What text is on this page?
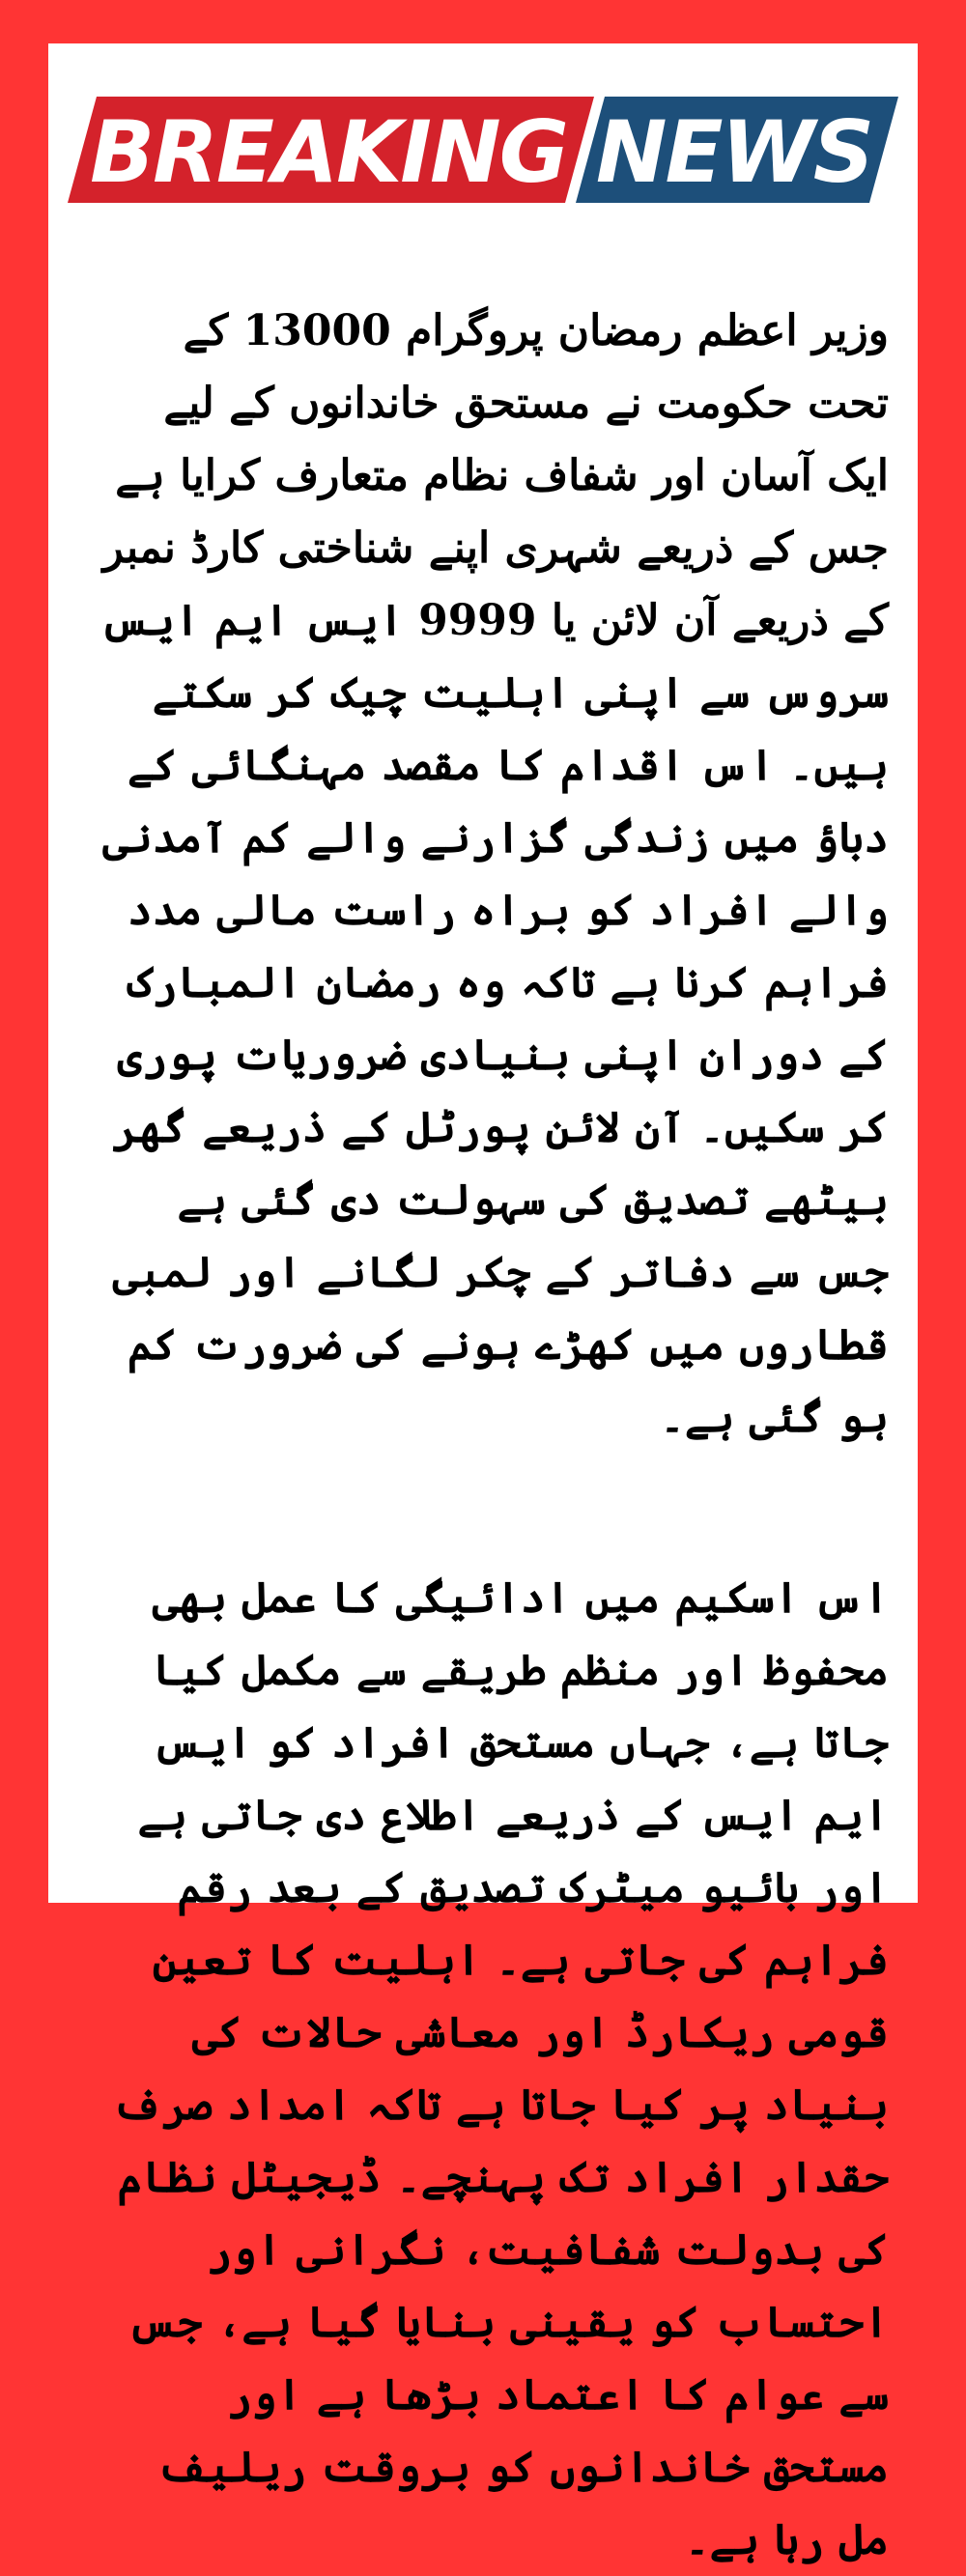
BREAKING NEWS

وزیر اعظم رمضان پروگرام 13000 کے تحت حکومت نے مستحق خاندانوں کے لیے ایک آسان اور شفاف نظام متعارف کرایا ہے جس کے ذریعے شہری اپنے شناختی کارڈ نمبر کے ذریعے آن لائن یا 9999 ایس ایم ایس سروس سے اپنی اہلیت چیک کر سکتے ہیں۔ اس اقدام کا مقصد مہنگائی کے دباؤ میں زندگی گزارنے والے کم آمدنی والے افراد کو براہ راست مالی مدد فراہم کرنا ہے تاکہ وہ رمضان المبارک کے دوران اپنی بنیادی ضروریات پوری کر سکیں۔ آن لائن پورٹل کے ذریعے گھر بیٹھے تصدیق کی سہولت دی گئی ہے جس سے دفاتر کے چکر لگانے اور لمبی قطاروں میں کھڑے ہونے کی ضرورت کم ہو گئی ہے۔

اس اسکیم میں ادائیگی کا عمل بھی محفوظ اور منظم طریقے سے مکمل کیا جاتا ہے، جہاں مستحق افراد کو ایس ایم ایس کے ذریعے اطلاع دی جاتی ہے اور بائیو میٹرک تصدیق کے بعد رقم فراہم کی جاتی ہے۔ اہلیت کا تعین قومی ریکارڈ اور معاشی حالات کی بنیاد پر کیا جاتا ہے تاکہ امداد صرف حقدار افراد تک پہنچے۔ ڈیجیٹل نظام کی بدولت شفافیت، نگرانی اور احتساب کو یقینی بنایا گیا ہے، جس سے عوام کا اعتماد بڑھا ہے اور مستحق خاندانوں کو بروقت ریلیف مل رہا ہے۔
